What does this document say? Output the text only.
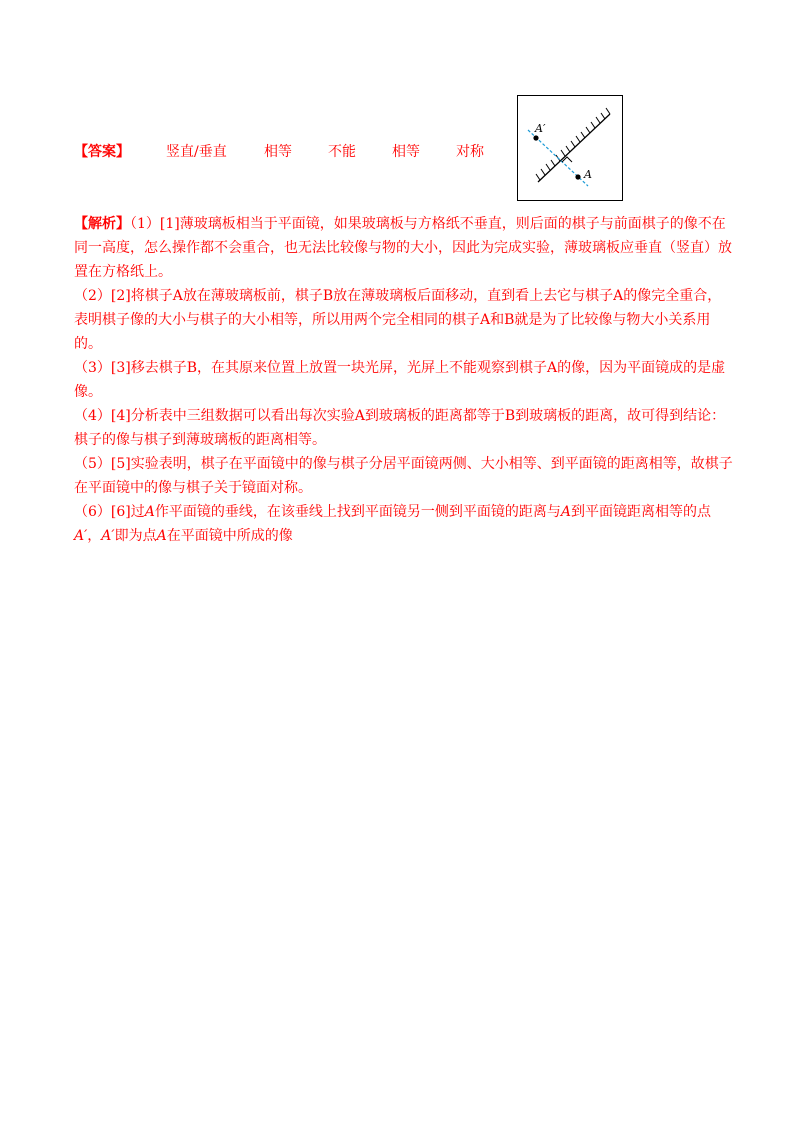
【答案】	竖直/垂直	相等	不能	相等	对称
A′
A

【解析】（1）[1]薄玻璃板相当于平面镜，如果玻璃板与方格纸不垂直，则后面的棋子与前面棋子的像不在同一高度，怎么操作都不会重合，也无法比较像与物的大小，因此为完成实验，薄玻璃板应垂直（竖直）放置在方格纸上。

（2）[2]将棋子A放在薄玻璃板前，棋子B放在薄玻璃板后面移动，直到看上去它与棋子A的像完全重合，表明棋子像的大小与棋子的大小相等，所以用两个完全相同的棋子A和B就是为了比较像与物大小关系用的。

（3）[3]移去棋子B，在其原来位置上放置一块光屏，光屏上不能观察到棋子A的像，因为平面镜成的是虚像。

（4）[4]分析表中三组数据可以看出每次实验A到玻璃板的距离都等于B到玻璃板的距离，故可得到结论：棋子的像与棋子到薄玻璃板的距离相等。

（5）[5]实验表明，棋子在平面镜中的像与棋子分居平面镜两侧、大小相等、到平面镜的距离相等，故棋子在平面镜中的像与棋子关于镜面对称。

（6）[6]过A作平面镜的垂线，在该垂线上找到平面镜另一侧到平面镜的距离与A到平面镜距离相等的点A′，A′即为点A在平面镜中所成的像
